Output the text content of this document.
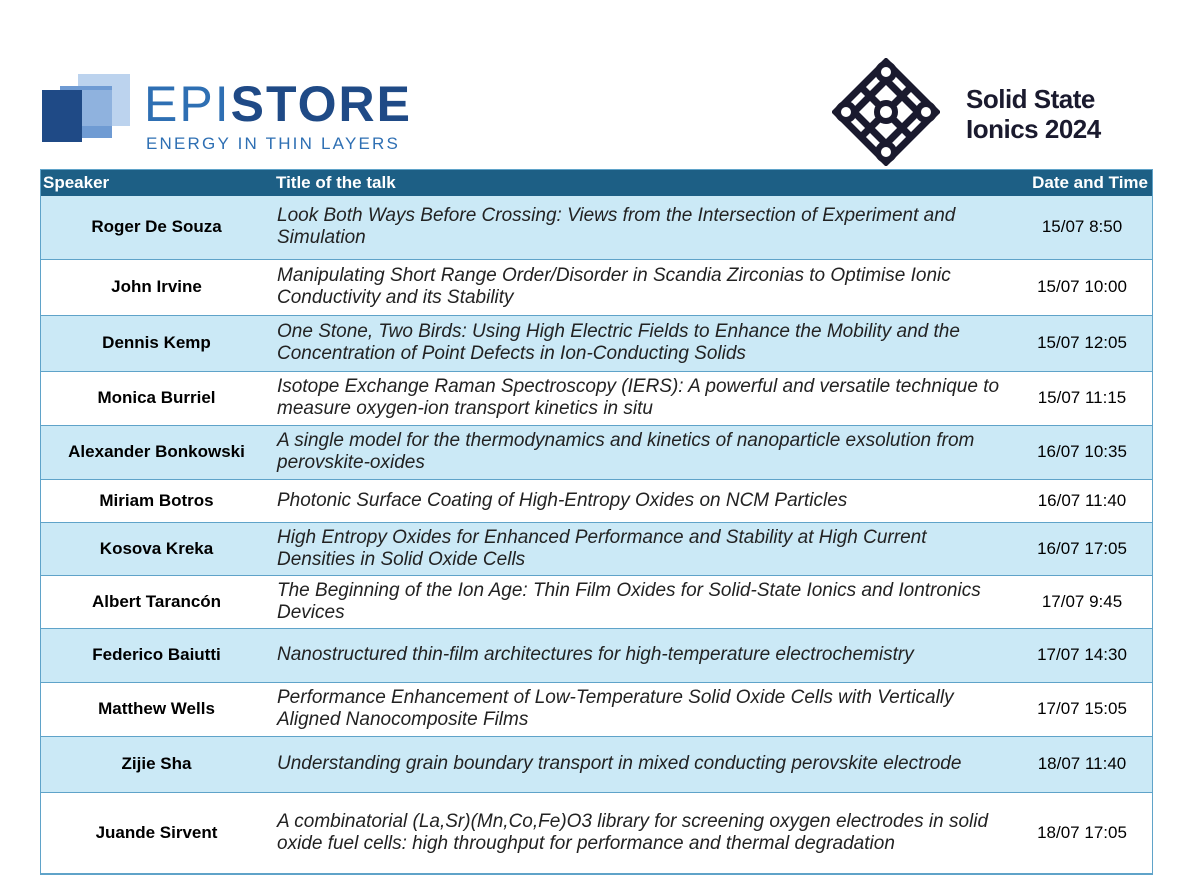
EPISTORE
ENERGY IN THIN LAYERS
Solid State
Ionics 2024
Speaker	Title of the talk	Date and Time
Roger De Souza	Look Both Ways Before Crossing: Views from the Intersection of Experiment and Simulation	15/07 8:50
John Irvine	Manipulating Short Range Order/Disorder in Scandia Zirconias to Optimise Ionic Conductivity and its Stability	15/07 10:00
Dennis Kemp	One Stone, Two Birds: Using High Electric Fields to Enhance the Mobility and the Concentration of Point Defects in Ion-Conducting Solids	15/07 12:05
Monica Burriel	Isotope Exchange Raman Spectroscopy (IERS): A powerful and versatile technique to measure oxygen-ion transport kinetics in situ	15/07 11:15
Alexander Bonkowski	A single model for the thermodynamics and kinetics of nanoparticle exsolution from perovskite-oxides	16/07 10:35
Miriam Botros	Photonic Surface Coating of High-Entropy Oxides on NCM Particles	16/07 11:40
Kosova Kreka	High Entropy Oxides for Enhanced Performance and Stability at High Current Densities in Solid Oxide Cells	16/07 17:05
Albert Tarancón	The Beginning of the Ion Age: Thin Film Oxides for Solid-State Ionics and Iontronics Devices	17/07 9:45
Federico Baiutti	Nanostructured thin-film architectures for high-temperature electrochemistry	17/07 14:30
Matthew Wells	Performance Enhancement of Low-Temperature Solid Oxide Cells with Vertically Aligned Nanocomposite Films	17/07 15:05
Zijie Sha	Understanding grain boundary transport in mixed conducting perovskite electrode	18/07 11:40
Juande Sirvent	A combinatorial (La,Sr)(Mn,Co,Fe)O3 library for screening oxygen electrodes in solid oxide fuel cells: high throughput for performance and thermal degradation	18/07 17:05
